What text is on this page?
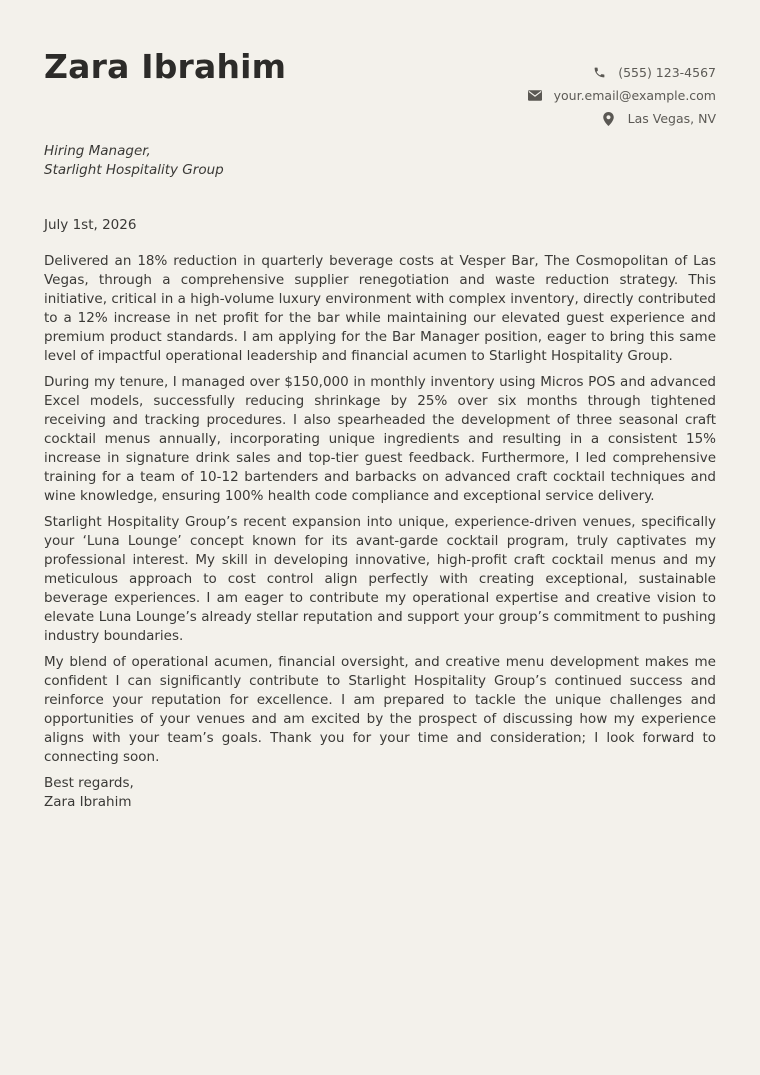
Zara Ibrahim	(555) 123-4567
your.email@example.com
Las Vegas, NV
Hiring Manager,
Starlight Hospitality Group
July 1st, 2026

Delivered an 18% reduction in quarterly beverage costs at Vesper Bar, The Cosmopolitan of Las Vegas, through a comprehensive supplier renegotiation and waste reduction strategy. This initiative, critical in a high-volume luxury environment with complex inventory, directly contributed to a 12% increase in net profit for the bar while maintaining our elevated guest experience and premium product standards. I am applying for the Bar Manager position, eager to bring this same level of impactful operational leadership and financial acumen to Starlight Hospitality Group.

During my tenure, I managed over $150,000 in monthly inventory using Micros POS and advanced Excel models, successfully reducing shrinkage by 25% over six months through tightened receiving and tracking procedures. I also spearheaded the development of three seasonal craft cocktail menus annually, incorporating unique ingredients and resulting in a consistent 15% increase in signature drink sales and top-tier guest feedback. Furthermore, I led comprehensive training for a team of 10-12 bartenders and barbacks on advanced craft cocktail techniques and wine knowledge, ensuring 100% health code compliance and exceptional service delivery.

Starlight Hospitality Group’s recent expansion into unique, experience-driven venues, specifically your ‘Luna Lounge’ concept known for its avant-garde cocktail program, truly captivates my professional interest. My skill in developing innovative, high-profit craft cocktail menus and my meticulous approach to cost control align perfectly with creating exceptional, sustainable beverage experiences. I am eager to contribute my operational expertise and creative vision to elevate Luna Lounge’s already stellar reputation and support your group’s commitment to pushing industry boundaries.

My blend of operational acumen, financial oversight, and creative menu development makes me confident I can significantly contribute to Starlight Hospitality Group’s continued success and reinforce your reputation for excellence. I am prepared to tackle the unique challenges and opportunities of your venues and am excited by the prospect of discussing how my experience aligns with your team’s goals. Thank you for your time and consideration; I look forward to connecting soon.

Best regards,
Zara Ibrahim
